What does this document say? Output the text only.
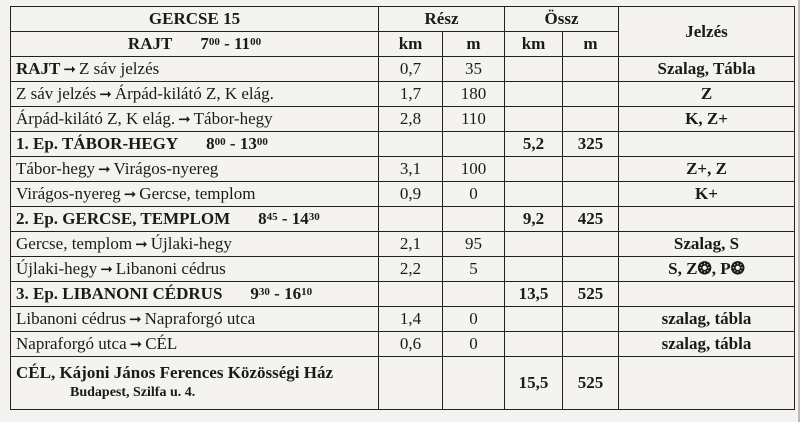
GERCSE 15	Rész		Össz		Jelzés
RAJT $7^{00} - 11^{00}$	km	m	km	m	
RAJT ➞ Z sáv jelzés	0,7	35			Szalag, Tábla
Z sáv jelzés ➞ Árpád-kilátó Z, K elág.	1,7	180			Z
Árpád-kilátó Z, K elág. ➞ Tábor-hegy	2,8	110			K, Z+
1. Ep. TÁBOR-HEGY $8^{00} - 13^{00}$			5,2	325	
Tábor-hegy ➞ Virágos-nyereg	3,1	100			Z+, Z
Virágos-nyereg ➞ Gercse, templom	0,9	0			K+
2. Ep. GERCSE, TEMPLOM $8^{45} - 14^{30}$			9,2	425	
Gercse, templom ➞ Újlaki-hegy	2,1	95			Szalag, S
Újlaki-hegy ➞ Libanoni cédrus	2,2	5			S, Z❂, P❂
3. Ep. LIBANONI CÉDRUS $9^{30} - 16^{10}$			13,5	525	
Libanoni cédrus ➞ Napraforgó utca	1,4	0			szalag, tábla
Napraforgó utca ➞ CÉL	0,6	0			szalag, tábla

CÉL, Kájoni János Ferences Közösségi Ház
Budapest, Szilfa u. 4.			15,5	525	
